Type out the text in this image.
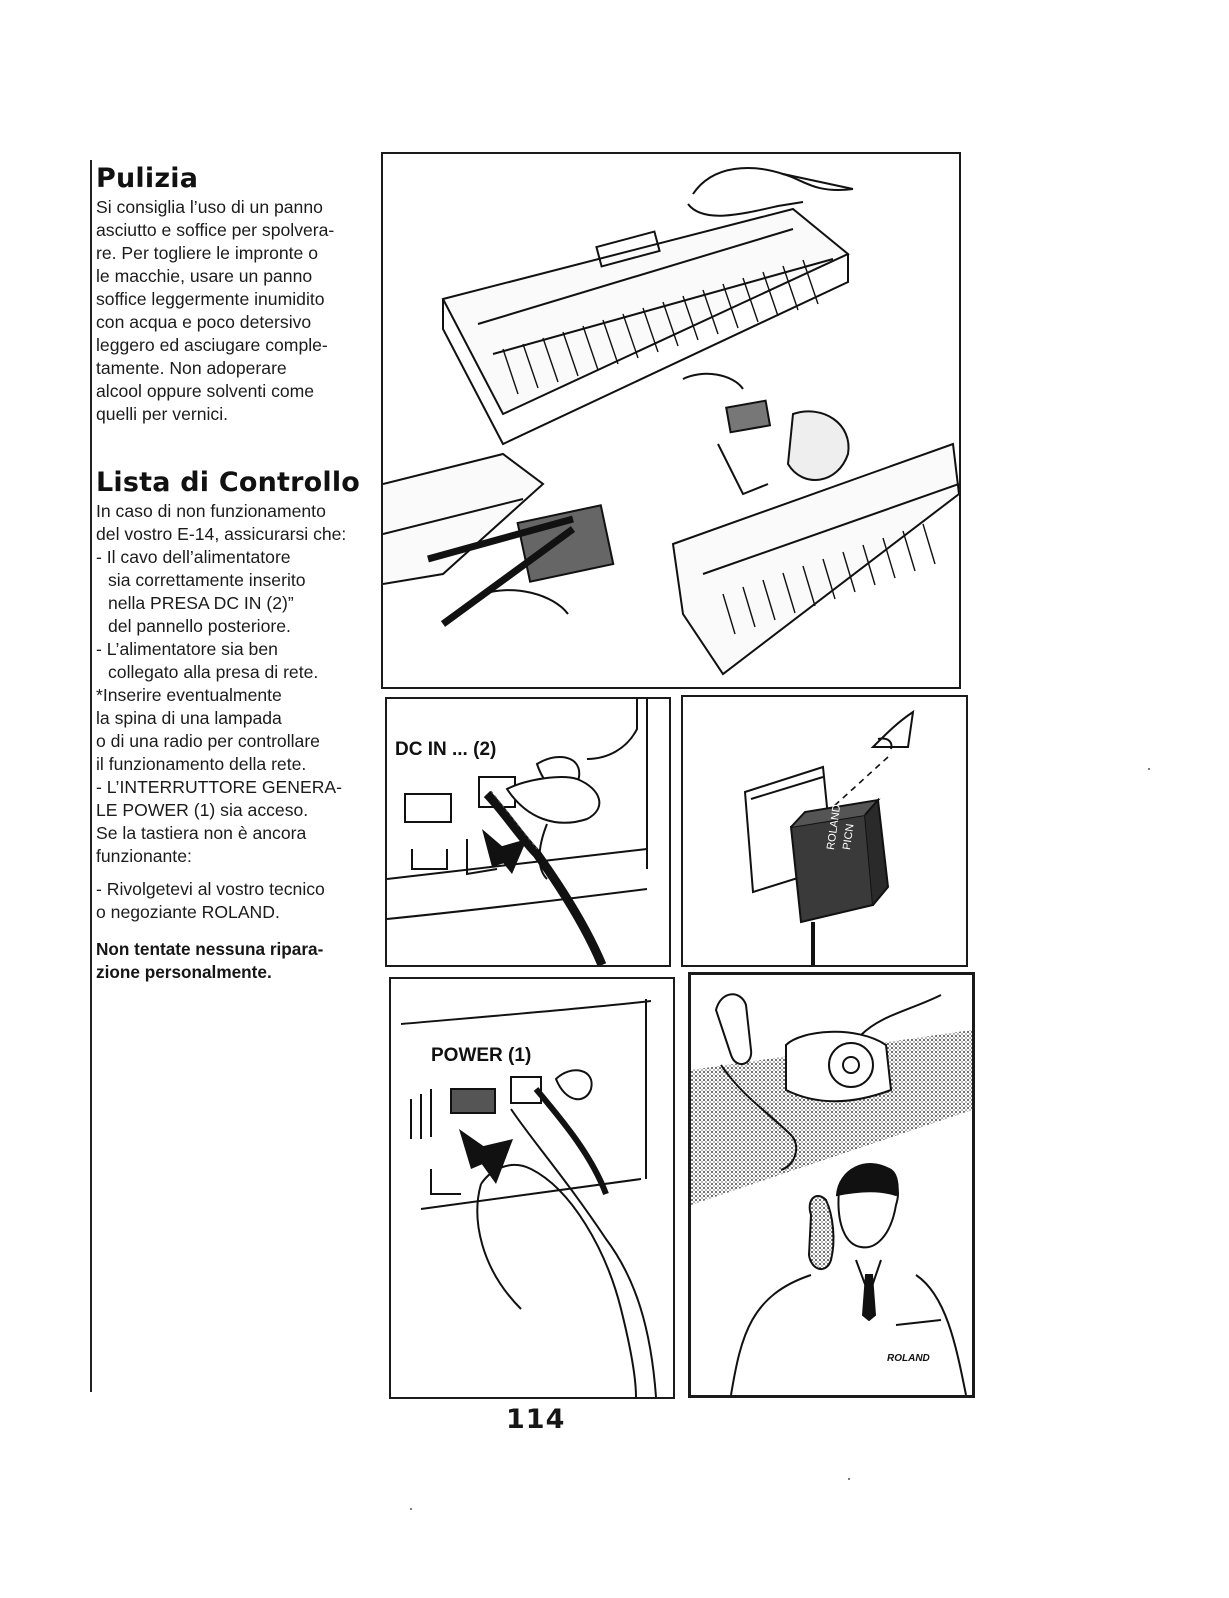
Pulizia

Si consiglia l’uso di un panno

asciutto e soffice per spolvera-

re. Per togliere le impronte o

le macchie, usare un panno

soffice leggermente inumidito

con acqua e poco detersivo

leggero ed asciugare comple-

tamente. Non adoperare

alcool oppure solventi come

quelli per vernici.

Lista di Controllo

In caso di non funzionamento

del vostro E-14, assicurarsi che:

- Il cavo dell’alimentatore
sia correttamente inserito
nella PRESA DC IN (2)”
del pannello posteriore.
- L’alimentatore sia ben
collegato alla presa di rete.
*Inserire eventualmente
la spina di una lampada
o di una radio per controllare
il funzionamento della rete.
- L’INTERRUTTORE GENERA-
LE POWER (1) sia acceso.
Se la tastiera non è ancora
funzionante:
- Rivolgetevi al vostro tecnico
o negoziante ROLAND.
Non tentate nessuna ripara-
zione personalmente.
DC IN ... (2)
ROLAND
PICN
POWER (1)
ROLAND
114
